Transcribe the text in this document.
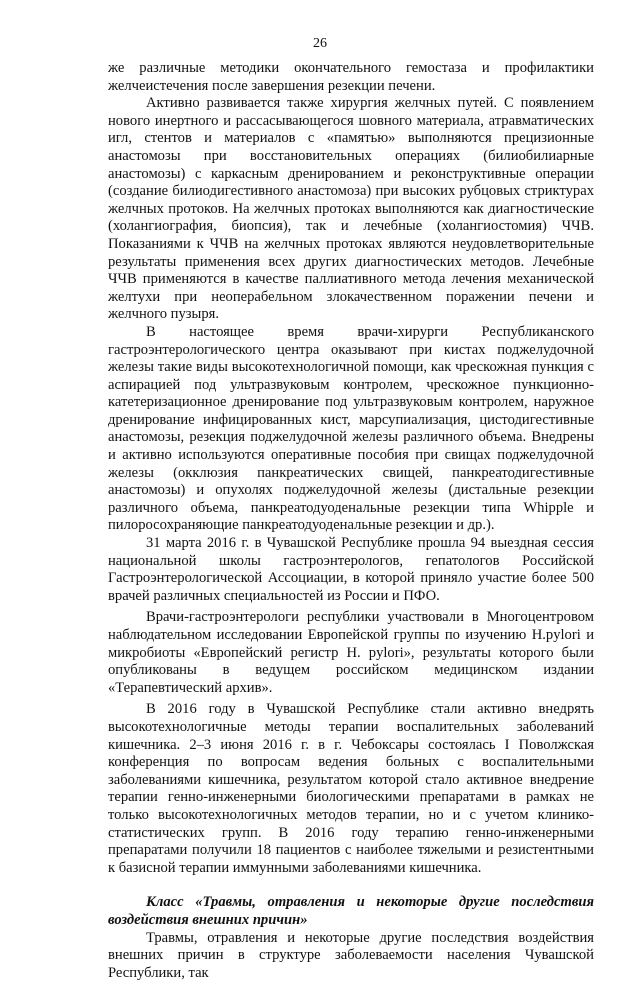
26

же различные методики окончательного гемостаза и профилактики желчеистечения после завершения резекции печени.

Активно развивается также хирургия желчных путей. С появлением нового инертного и рассасывающегося шовного материала, атравматических игл, стентов и материалов с «памятью» выполняются прецизионные анастомозы при восстановительных операциях (билиобилиарные анастомозы) с каркасным дренированием и реконструктивные операции (создание билиодигестивного анастомоза) при высоких рубцовых стриктурах желчных протоков. На желчных протоках выполняются как диагностические (холангиография, биопсия), так и лечебные (холангиостомия) ЧЧВ. Показаниями к ЧЧВ на желчных протоках являются неудовлетворительные результаты применения всех других диагностических методов. Лечебные ЧЧВ применяются в качестве паллиативного метода лечения механической желтухи при неоперабельном злокачественном поражении печени и желчного пузыря.

В настоящее время врачи-хирурги Республиканского гастроэнтерологического центра оказывают при кистах поджелудочной железы такие виды высокотехнологичной помощи, как чрескожная пункция с аспирацией под ультразвуковым контролем, чрескожное пункционно-катетеризационное дренирование под ультразвуковым контролем, наружное дренирование инфицированных кист, марсупиализация, цистодигестивные анастомозы, резекция поджелудочной железы различного объема. Внедрены и активно используются оперативные пособия при свищах поджелудочной железы (окклюзия панкреатических свищей, панкреатодигестивные анастомозы) и опухолях поджелудочной железы (дистальные резекции различного объема, панкреатодуоденальные резекции типа Whipple и пилоросохраняющие панкреатодуоденальные резекции и др.).

31 марта 2016 г. в Чувашской Республике прошла 94 выездная сессия национальной школы гастроэнтерологов, гепатологов Российской Гастроэнтерологической Ассоциации, в которой приняло участие более 500 врачей различных специальностей из России и ПФО.

Врачи-гастроэнтерологи республики участвовали в Многоцентровом наблюдательном исследовании Европейской группы по изучению H.pylori и микробиоты «Европейский регистр H. pylori», результаты которого были опубликованы в ведущем российском медицинском издании «Терапевтический архив».

В 2016 году в Чувашской Республике стали активно внедрять высокотехнологичные методы терапии воспалительных заболеваний кишечника. 2–3 июня 2016 г. в г. Чебоксары состоялась I Поволжская конференция по вопросам ведения больных с воспалительными заболеваниями кишечника, результатом которой стало активное внедрение терапии генно-инженерными биологическими препаратами в рамках не только высокотехнологичных методов терапии, но и с учетом клинико-статистических групп. В 2016 году терапию генно-инженерными препаратами получили 18 пациентов с наиболее тяжелыми и резистентными к базисной терапии иммунными заболеваниями кишечника.

Класс «Травмы, отравления и некоторые другие последствия воздействия внешних причин»

Травмы, отравления и некоторые другие последствия воздействия внешних причин в структуре заболеваемости населения Чувашской Республики, так
